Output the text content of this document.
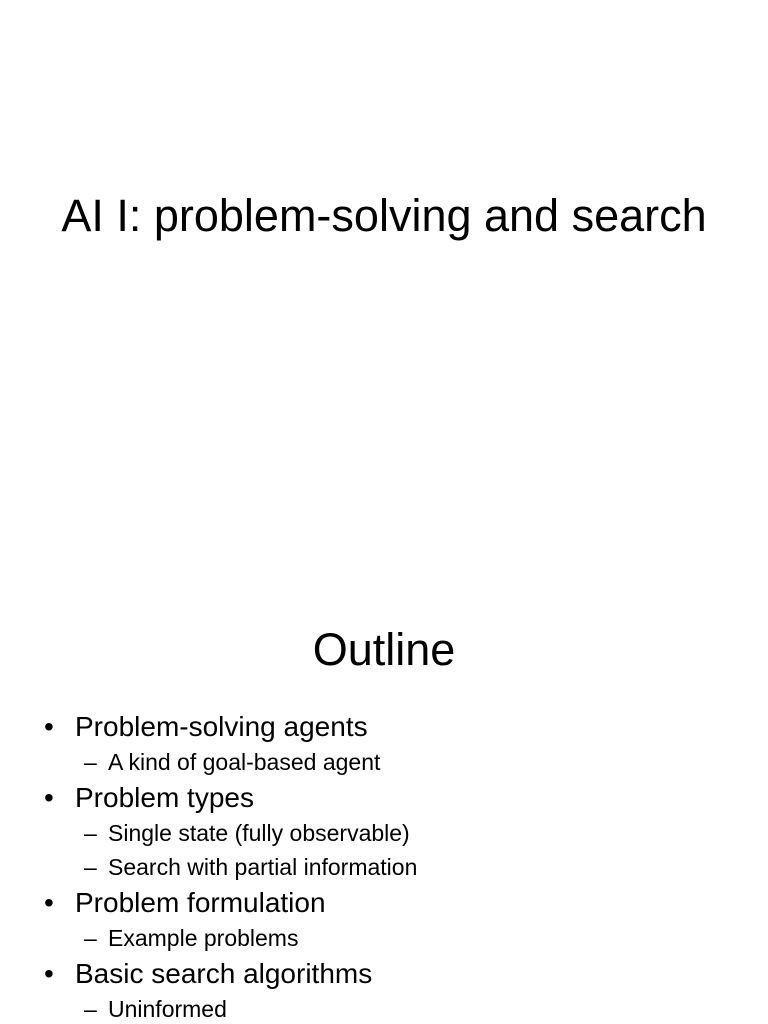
AI I: problem-solving and search
Outline
• Problem-solving agents
– A kind of goal-based agent
• Problem types
– Single state (fully observable)
– Search with partial information
• Problem formulation
– Example problems
• Basic search algorithms
– Uninformed
